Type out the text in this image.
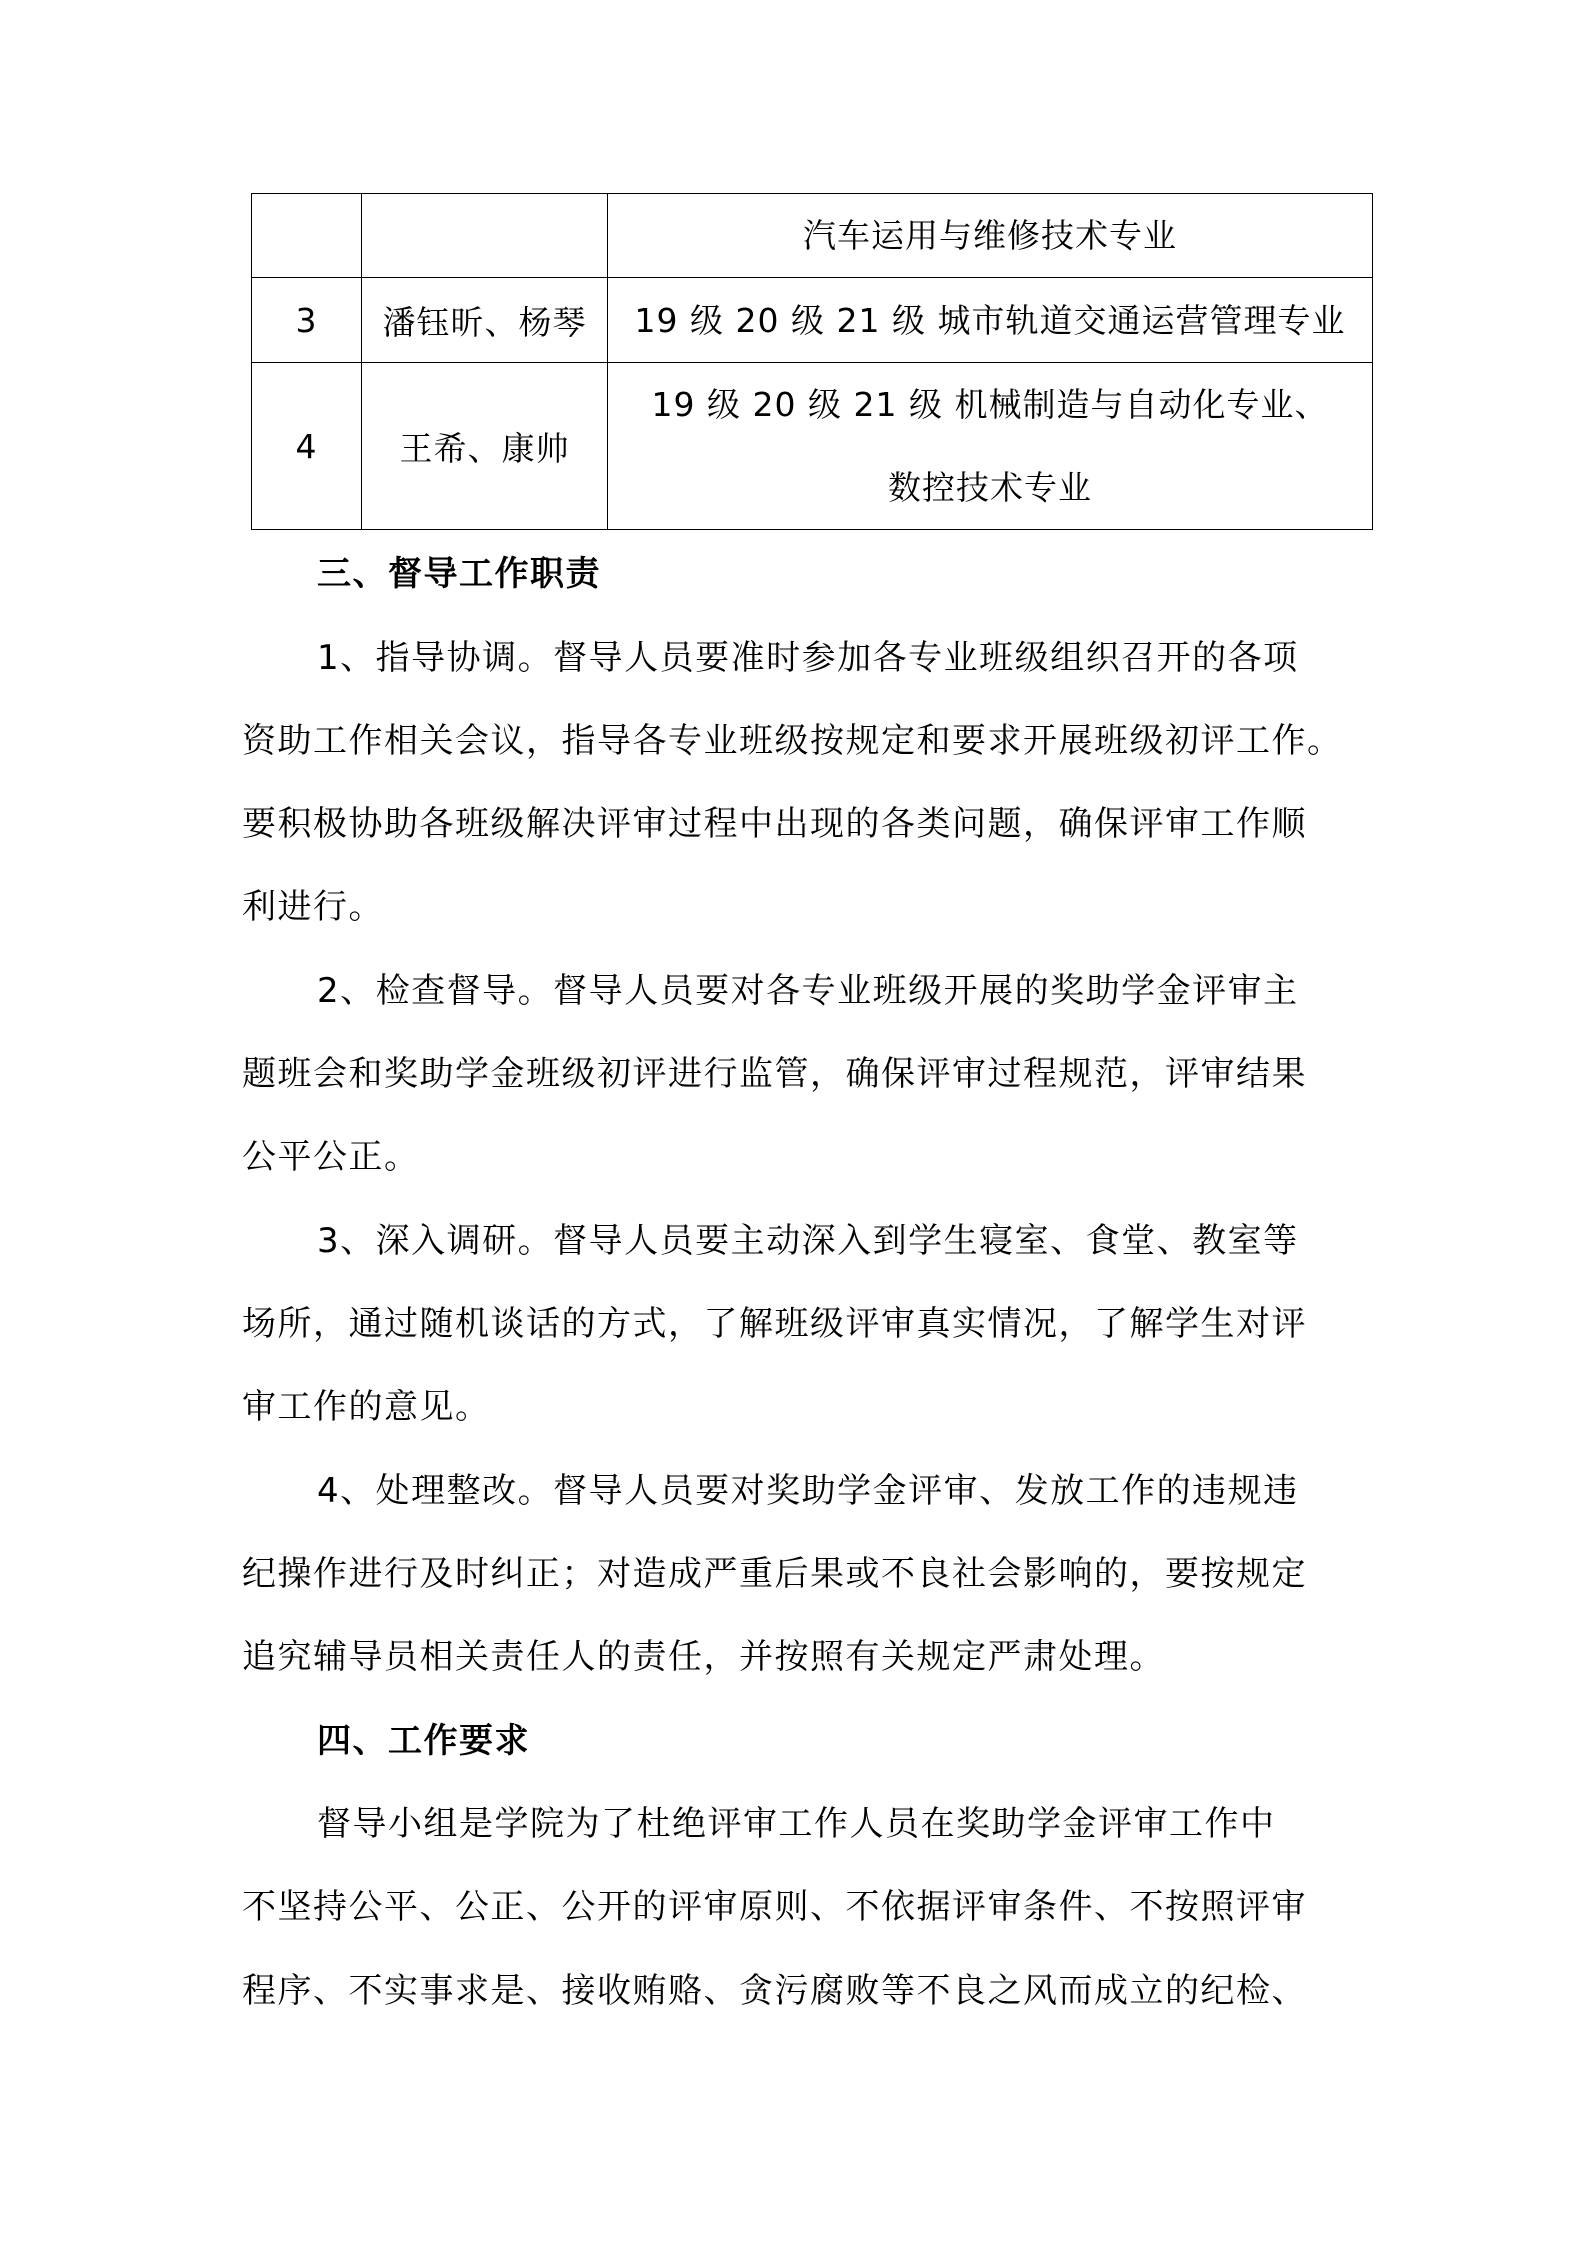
		汽车运用与维修技术专业

3	潘钰昕、杨琴	19 级 20 级 21 级 城市轨道交通运营管理专业

4	王希、康帅	19 级 20 级 21 级 机械制造与自动化专业、
数控技术专业
三、督导工作职责
1、指导协调。督导人员要准时参加各专业班级组织召开的各项
资助工作相关会议，指导各专业班级按规定和要求开展班级初评工作。
要积极协助各班级解决评审过程中出现的各类问题，确保评审工作顺
利进行。
2、检查督导。督导人员要对各专业班级开展的奖助学金评审主
题班会和奖助学金班级初评进行监管，确保评审过程规范，评审结果
公平公正。
3、深入调研。督导人员要主动深入到学生寝室、食堂、教室等
场所，通过随机谈话的方式，了解班级评审真实情况，了解学生对评
审工作的意见。
4、处理整改。督导人员要对奖助学金评审、发放工作的违规违
纪操作进行及时纠正；对造成严重后果或不良社会影响的，要按规定
追究辅导员相关责任人的责任，并按照有关规定严肃处理。
四、工作要求
督导小组是学院为了杜绝评审工作人员在奖助学金评审工作中
不坚持公平、公正、公开的评审原则、不依据评审条件、不按照评审
程序、不实事求是、接收贿赂、贪污腐败等不良之风而成立的纪检、
